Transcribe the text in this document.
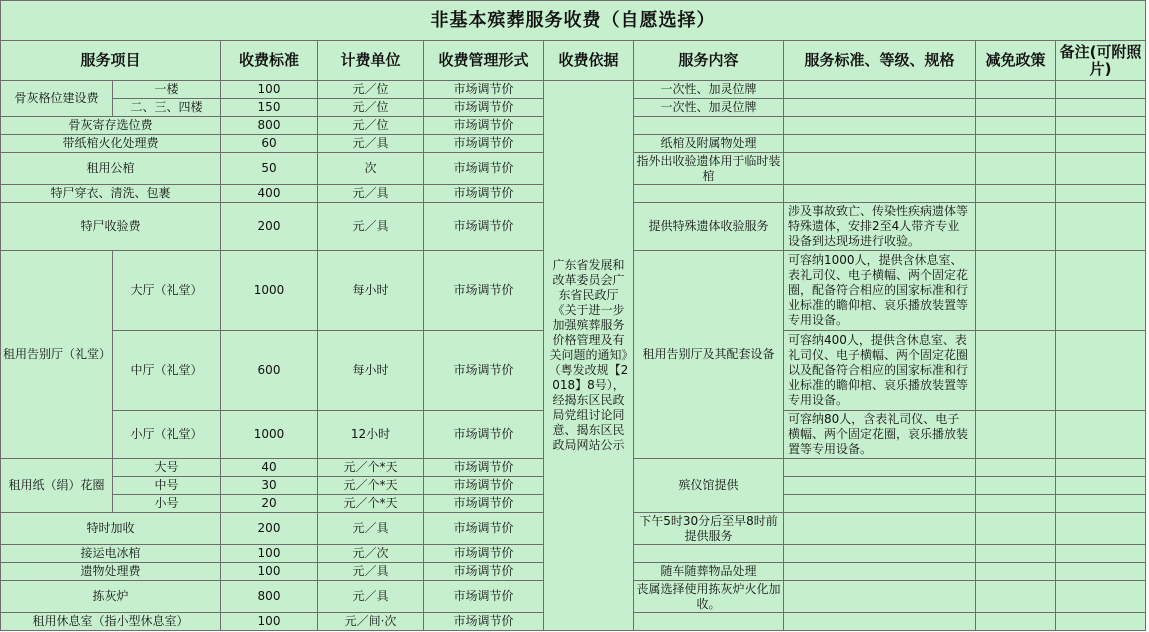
非基本殡葬服务收费（自愿选择）									
服务项目		收费标准	计费单位	收费管理形式	收费依据	服务内容	服务标准、等级、规格	减免政策	备注(可附照片)
骨灰格位建设费	一楼	100	元／位	市场调节价	广东省发展和改革委员会广东省民政厅《关于进一步加强殡葬服务价格管理及有关问题的通知》（粤发改规【2018】8号），经揭东区民政局党组讨论同意、揭东区民政局网站公示	一次性、加灵位牌			
	二、三、四楼	150	元／位	市场调节价		一次性、加灵位牌			
骨灰寄存选位费		800	元／位	市场调节价					
带纸棺火化处理费		60	元／具	市场调节价		纸棺及附属物处理			
租用公棺		50	次	市场调节价		指外出收验遗体用于临时装棺			
特尸穿衣、清洗、包裹		400	元／具	市场调节价					
特尸收验费		200	元／具	市场调节价		提供特殊遗体收验服务	涉及事故致亡、传染性疾病遗体等特殊遗体，安排2至4人带齐专业设备到达现场进行收验。		
租用告别厅（礼堂）	大厅（礼堂）	1000	每小时	市场调节价		租用告别厅及其配套设备	可容纳1000人，提供含休息室、表礼司仪、电子横幅、两个固定花圈，配备符合相应的国家标准和行业标准的瞻仰棺、哀乐播放装置等专用设备。		
	中厅（礼堂）	600	每小时	市场调节价			可容纳400人，提供含休息室、表礼司仪、电子横幅、两个固定花圈以及配备符合相应的国家标准和行业标准的瞻仰棺、哀乐播放装置等专用设备。		
	小厅（礼堂）	1000	12小时	市场调节价			可容纳80人，含表礼司仪、电子横幅、两个固定花圈，哀乐播放装置等专用设备。		
租用纸（绢）花圈	大号	40	元／个*天	市场调节价		殡仪馆提供			
	中号	30	元／个*天	市场调节价					
	小号	20	元／个*天	市场调节价					
特时加收		200	元／具	市场调节价		下午5时30分后至早8时前提供服务			
接运电冰棺		100	元／次	市场调节价					
遗物处理费		100	元／具	市场调节价		随车随葬物品处理			
拣灰炉		800	元／具	市场调节价		丧属选择使用拣灰炉火化加收。			
租用休息室（指小型休息室）		100	元／间·次	市场调节价					
